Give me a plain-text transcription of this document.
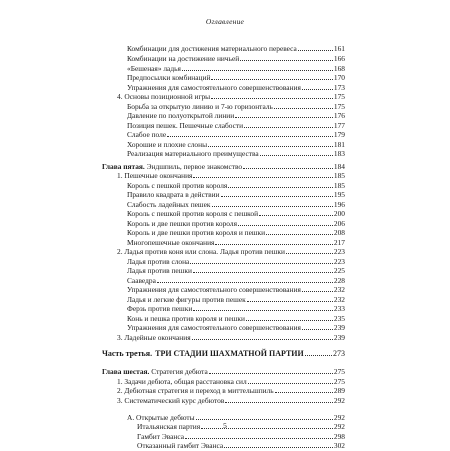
Оглавление
Комбинации для достижения материального перевеса	161
Комбинации на достижение ничьей	166
«Бешеная» ладья	168
Предпосылки комбинаций	170
Упражнения для самостоятельного совершенствования	173
4. Основы позиционной игры	175
Борьба за открытую линию и 7-ю горизонталь	175
Давление по полуоткрытой линии	176
Позиция пешек. Пешечные слабости	177
Слабое поле	179
Хорошие и плохие слоны	181
Реализация материального преимущества	183
Глава пятая. Эндшпиль, первое знакомство	184
1. Пешечные окончания	185
Король с пешкой против короля	185
Правило квадрата в действии	195
Слабость ладейных пешек	196
Король с пешкой против короля с пешкой	200
Король и две пешки против короля	206
Король и две пешки против короля и пешки	208
Многопешечные окончания	217
2. Ладья против коня или слона. Ладья против пешки	223
Ладья против слона	223
Ладья против пешки	225
Сааведра	228
Упражнения для самостоятельного совершенствования	232
Ладья и легкие фигуры против пешек	232
Ферзь против пешки	233
Конь и пешка против короля и пешки	235
Упражнения для самостоятельного совершенствования	239
3. Ладейные окончания	239
Часть третья. ТРИ СТАДИИ ШАХМАТНОЙ ПАРТИИ	273
Глава шестая. Стратегия дебюта	275
1. Задачи дебюта, общая расстановка сил	275
2. Дебютная стратегия и переход в миттельшпиль	289
3. Систематический курс дебютов	292
А. Открытые дебюты	292
Итальянская партия	292
Гамбит Эванса	298
Отказанный гамбит Эванса	302
5
